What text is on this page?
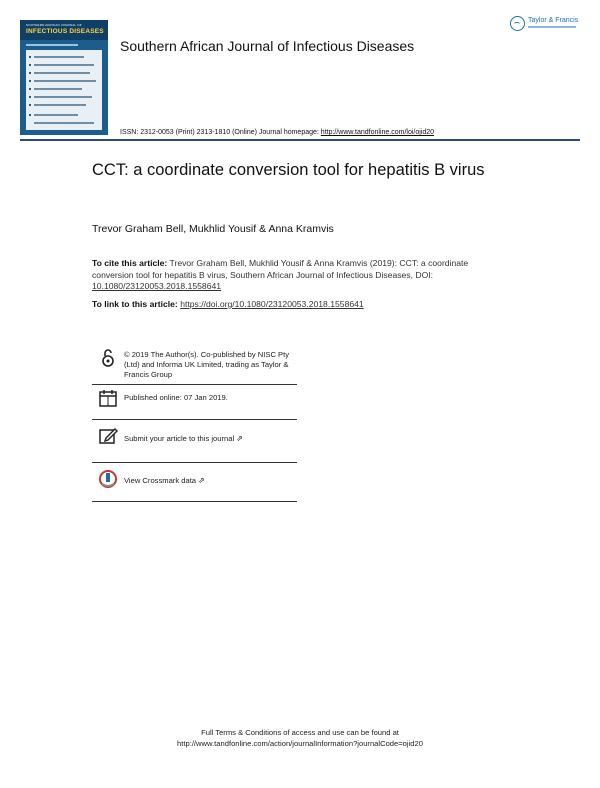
SOUTHERN AFRICAN JOURNAL OF
INFECTIOUS DISEASES
Taylor & Francis
Southern African Journal of Infectious Diseases
ISSN: 2312-0053 (Print) 2313-1810 (Online) Journal homepage: http://www.tandfonline.com/loi/ojid20
CCT: a coordinate conversion tool for hepatitis B virus
Trevor Graham Bell, Mukhlid Yousif & Anna Kramvis
To cite this article: Trevor Graham Bell, Mukhlid Yousif & Anna Kramvis (2019): CCT: a coordinate conversion tool for hepatitis B virus, Southern African Journal of Infectious Diseases, DOI: 10.1080/23120053.2018.1558641
To link to this article: https://doi.org/10.1080/23120053.2018.1558641
© 2019 The Author(s). Co-published by NISC Pty (Ltd) and Informa UK Limited, trading as Taylor & Francis Group
Published online: 07 Jan 2019.
Submit your article to this journal ⇗
View Crossmark data ⇗
Full Terms & Conditions of access and use can be found at
http://www.tandfonline.com/action/journalInformation?journalCode=ojid20
